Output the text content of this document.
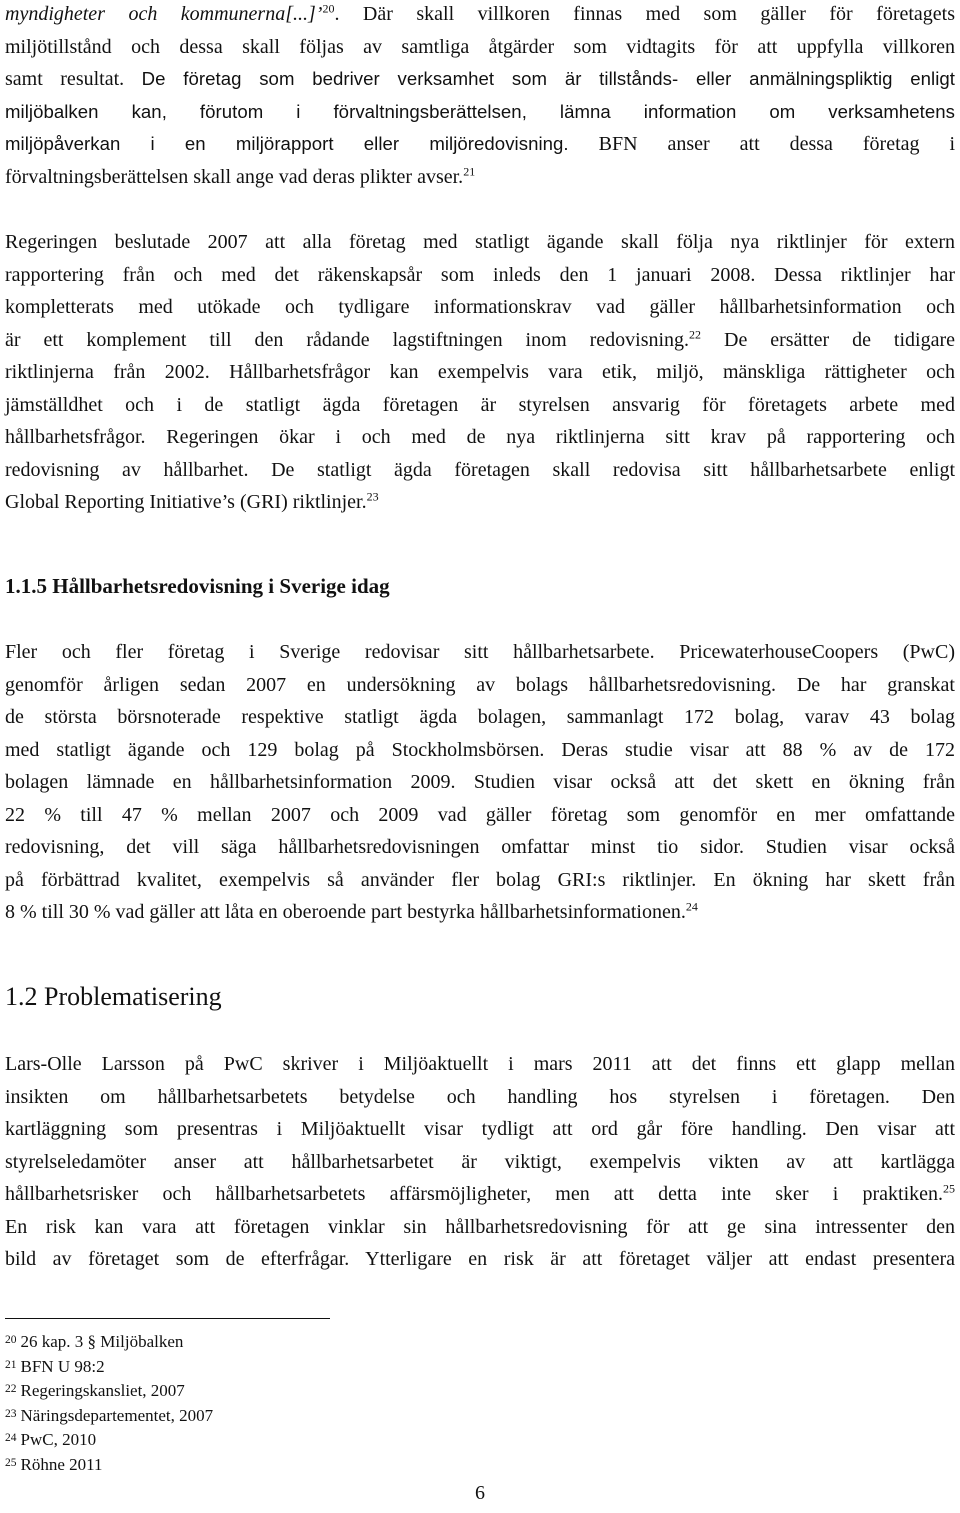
myndigheter och kommunerna[...]’$^{20}$. Där skall villkoren finnas med som gäller för företagets
miljötillstånd och dessa skall följas av samtliga åtgärder som vidtagits för att uppfylla villkoren
samt resultat. De företag som bedriver verksamhet som är tillstånds- eller anmälningspliktig enligt
miljöbalken kan, förutom i förvaltningsberättelsen, lämna information om verksamhetens
miljöpåverkan i en miljörapport eller miljöredovisning. BFN anser att dessa företag i
förvaltningsberättelsen skall ange vad deras plikter avser.$^{21}$

Regeringen beslutade 2007 att alla företag med statligt ägande skall följa nya riktlinjer för extern
rapportering från och med det räkenskapsår som inleds den 1 januari 2008. Dessa riktlinjer har
kompletterats med utökade och tydligare informationskrav vad gäller hållbarhetsinformation och
är ett komplement till den rådande lagstiftningen inom redovisning.$^{22}$ De ersätter de tidigare
riktlinjerna från 2002. Hållbarhetsfrågor kan exempelvis vara etik, miljö, mänskliga rättigheter och
jämställdhet och i de statligt ägda företagen är styrelsen ansvarig för företagets arbete med
hållbarhetsfrågor. Regeringen ökar i och med de nya riktlinjerna sitt krav på rapportering och
redovisning av hållbarhet. De statligt ägda företagen skall redovisa sitt hållbarhetsarbete enligt
Global Reporting Initiative’s (GRI) riktlinjer.$^{23}$

1.1.5 Hållbarhetsredovisning i Sverige idag

Fler och fler företag i Sverige redovisar sitt hållbarhetsarbete. PricewaterhouseCoopers (PwC)
genomför årligen sedan 2007 en undersökning av bolags hållbarhetsredovisning. De har granskat
de största börsnoterade respektive statligt ägda bolagen, sammanlagt 172 bolag, varav 43 bolag
med statligt ägande och 129 bolag på Stockholmsbörsen. Deras studie visar att 88 % av de 172
bolagen lämnade en hållbarhetsinformation 2009. Studien visar också att det skett en ökning från
22 % till 47 % mellan 2007 och 2009 vad gäller företag som genomför en mer omfattande
redovisning, det vill säga hållbarhetsredovisningen omfattar minst tio sidor. Studien visar också
på förbättrad kvalitet, exempelvis så använder fler bolag GRI:s riktlinjer. En ökning har skett från
8 % till 30 % vad gäller att låta en oberoende part bestyrka hållbarhetsinformationen.$^{24}$

1.2 Problematisering

Lars-Olle Larsson på PwC skriver i Miljöaktuellt i mars 2011 att det finns ett glapp mellan
insikten om hållbarhetsarbetets betydelse och handling hos styrelsen i företagen. Den
kartläggning som presentras i Miljöaktuellt visar tydligt att ord går före handling. Den visar att
styrelseledamöter anser att hållbarhetsarbetet är viktigt, exempelvis vikten av att kartlägga
hållbarhetsrisker och hållbarhetsarbetets affärsmöjligheter, men att detta inte sker i praktiken.$^{25}$
En risk kan vara att företagen vinklar sin hållbarhetsredovisning för att ge sina intressenter den
bild av företaget som de efterfrågar. Ytterligare en risk är att företaget väljer att endast presentera

$^{20}$ 26 kap. 3 § Miljöbalken
$^{21}$ BFN U 98:2
$^{22}$ Regeringskansliet, 2007
$^{23}$ Näringsdepartementet, 2007
$^{24}$ PwC, 2010
$^{25}$ Röhne 2011
6
